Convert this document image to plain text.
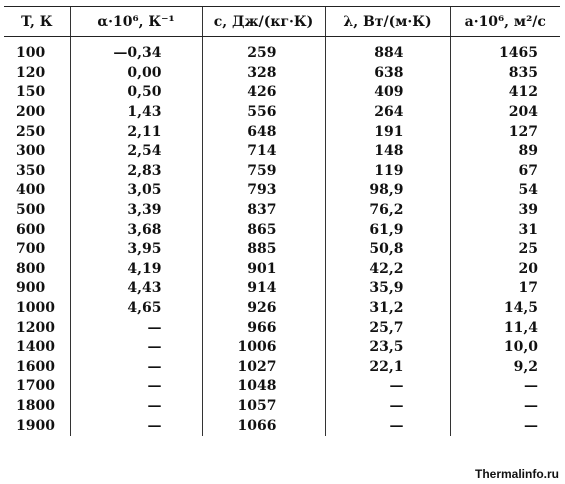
T, К	α·10⁶, К⁻¹	c, Дж/(кг·К)	λ, Вт/(м·К)	a·10⁶, м²/c
100	—0,34	259	884	1465
120	0,00	328	638	835
150	0,50	426	409	412
200	1,43	556	264	204
250	2,11	648	191	127
300	2,54	714	148	89
350	2,83	759	119	67
400	3,05	793	98,9	54
500	3,39	837	76,2	39
600	3,68	865	61,9	31
700	3,95	885	50,8	25
800	4,19	901	42,2	20
900	4,43	914	35,9	17
1000	4,65	926	31,2	14,5
1200	—	966	25,7	11,4
1400	—	1006	23,5	10,0
1600	—	1027	22,1	9,2
1700	—	1048	—	—
1800	—	1057	—	—
1900	—	1066	—	—
Thermalinfo.ru
